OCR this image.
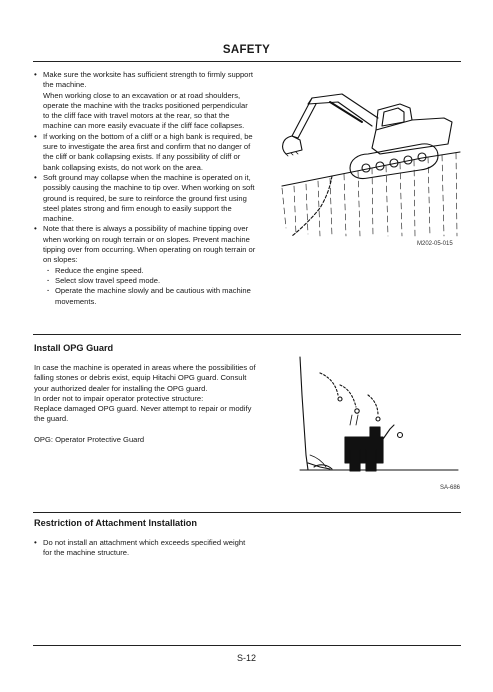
SAFETY
• Make sure the worksite has sufficient strength to firmly support the machine.
When working close to an excavation or at road shoulders, operate the machine with the tracks positioned perpendicular to the cliff face with travel motors at the rear, so that the machine can more easily evacuate if the cliff face collapses.
• If working on the bottom of a cliff or a high bank is required, be sure to investigate the area first and confirm that no danger of the cliff or bank collapsing exists. If any possibility of cliff or bank collapsing exists, do not work on the area.
• Soft ground may collapse when the machine is operated on it, possibly causing the machine to tip over. When working on soft ground is required, be sure to reinforce the ground first using steel plates strong and firm enough to easily support the machine.
• Note that there is always a possibility of machine tipping over when working on rough terrain or on slopes. Prevent machine tipping over from occurring. When operating on rough terrain or on slopes:
· Reduce the engine speed.
· Select slow travel speed mode.
· Operate the machine slowly and be cautious with machine movements.
M202-05-015
Install OPG Guard

In case the machine is operated in areas where the possibilities of falling stones or debris exist, equip Hitachi OPG guard. Consult your authorized dealer for installing the OPG guard.
In order not to impair operator protective structure:
Replace damaged OPG guard. Never attempt to repair or modify the guard.

OPG: Operator Protective Guard

SA-686
Restriction of Attachment Installation
• Do not install an attachment which exceeds specified weight for the machine structure.
S-12
